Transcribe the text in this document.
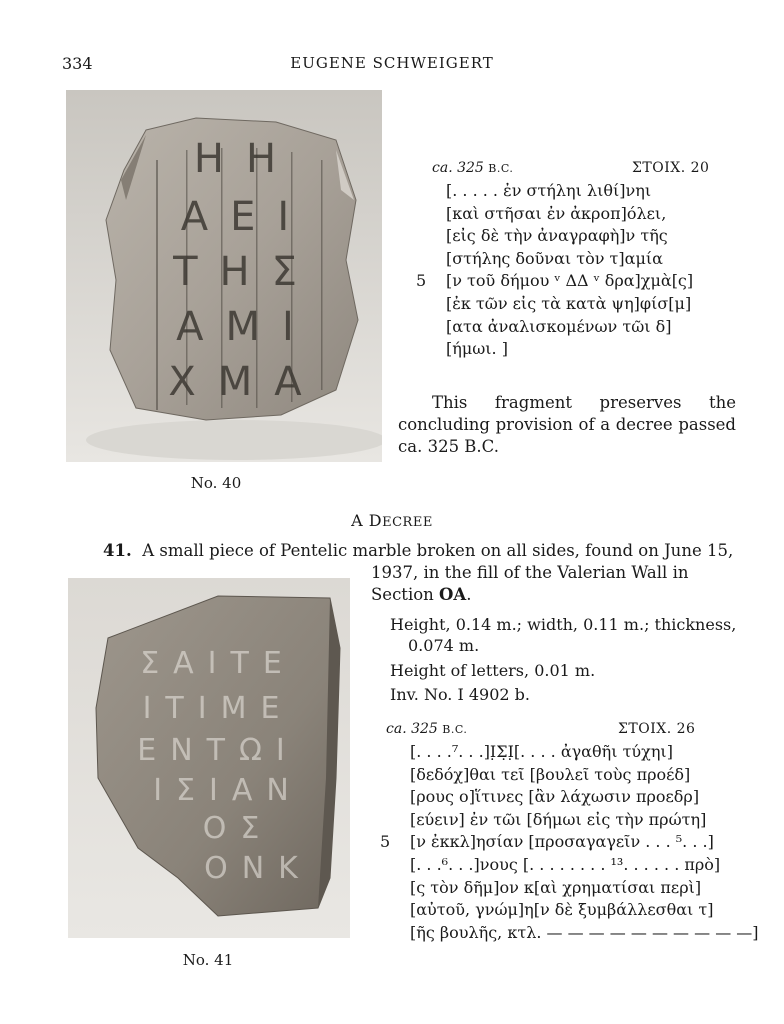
334	EUGENE SCHWEIGERT
ΗΗ
ΑΕΙ
ΤΗΣ
ΑΜΙ
ΧΜΑ
No. 40
ca. 325 B.C.	ΣΤΟΙΧ. 20
[. . . . . ἐν στήληι λιθί]νηι
[καὶ στῆσαι ἐν ἀκροπ]όλει,
[εἰς δὲ τὴν ἀναγραφὴ]ν τῆς
[στήλης δοῦναι τὸν τ]αμία
5 [ν τοῦ δήμου ᵛ ΔΔ ᵛ δρα]χμὰ[ς]
[ἐκ τῶν εἰς τὰ κατὰ ψη]φίσ[μ]
[ατα ἀναλισκομένων τῶι δ]
[ήμωι. ]
This fragment preserves the concluding provision of a decree passed ca. 325 B.C.
A DECREE
41. A small piece of Pentelic marble broken on all sides, found on June 15,
1937, in the fill of the Valerian Wall in
Section OA.
Height, 0.14 m.; width, 0.11 m.; thickness,
0.074 m.
Height of letters, 0.01 m.
Inv. No. I 4902 b.
ΣΑΙΤΕ
ΙΤΙΜΕ
ΕΝΤΩΙ
ΙΣΙΑΝ
ΟΣ
ΟΝΚ
No. 41
ca. 325 B.C.	ΣΤΟΙΧ. 26
[. . . .⁷. . .]Ι̣Σ̣Ι̣[. . . . ἀγαθῆι τύχηι]
[δεδόχ]θαι τεῖ [βουλεῖ τοὺς προέδ]
[ρους ο]ἵτινες [ἂν λάχωσιν προεδρ]
[εύειν] ἐν τῶι [δήμωι εἰς τὴν πρώτη]
5 [ν ἐκκλ]ησίαν [προσαγαγεῖν . . . ⁵. . .]
[. . .⁶. . .]νους [. . . . . . . . ¹³. . . . . . πρὸ]
[ς τὸν δῆμ]ον κ[αὶ χρηματίσαι περὶ]
[αὐτοῦ, γνώμ]η[ν δὲ ξυμβάλλεσθαι τ]
[ῆς βουλῆς, κτλ. — — — — — — — — — —]
